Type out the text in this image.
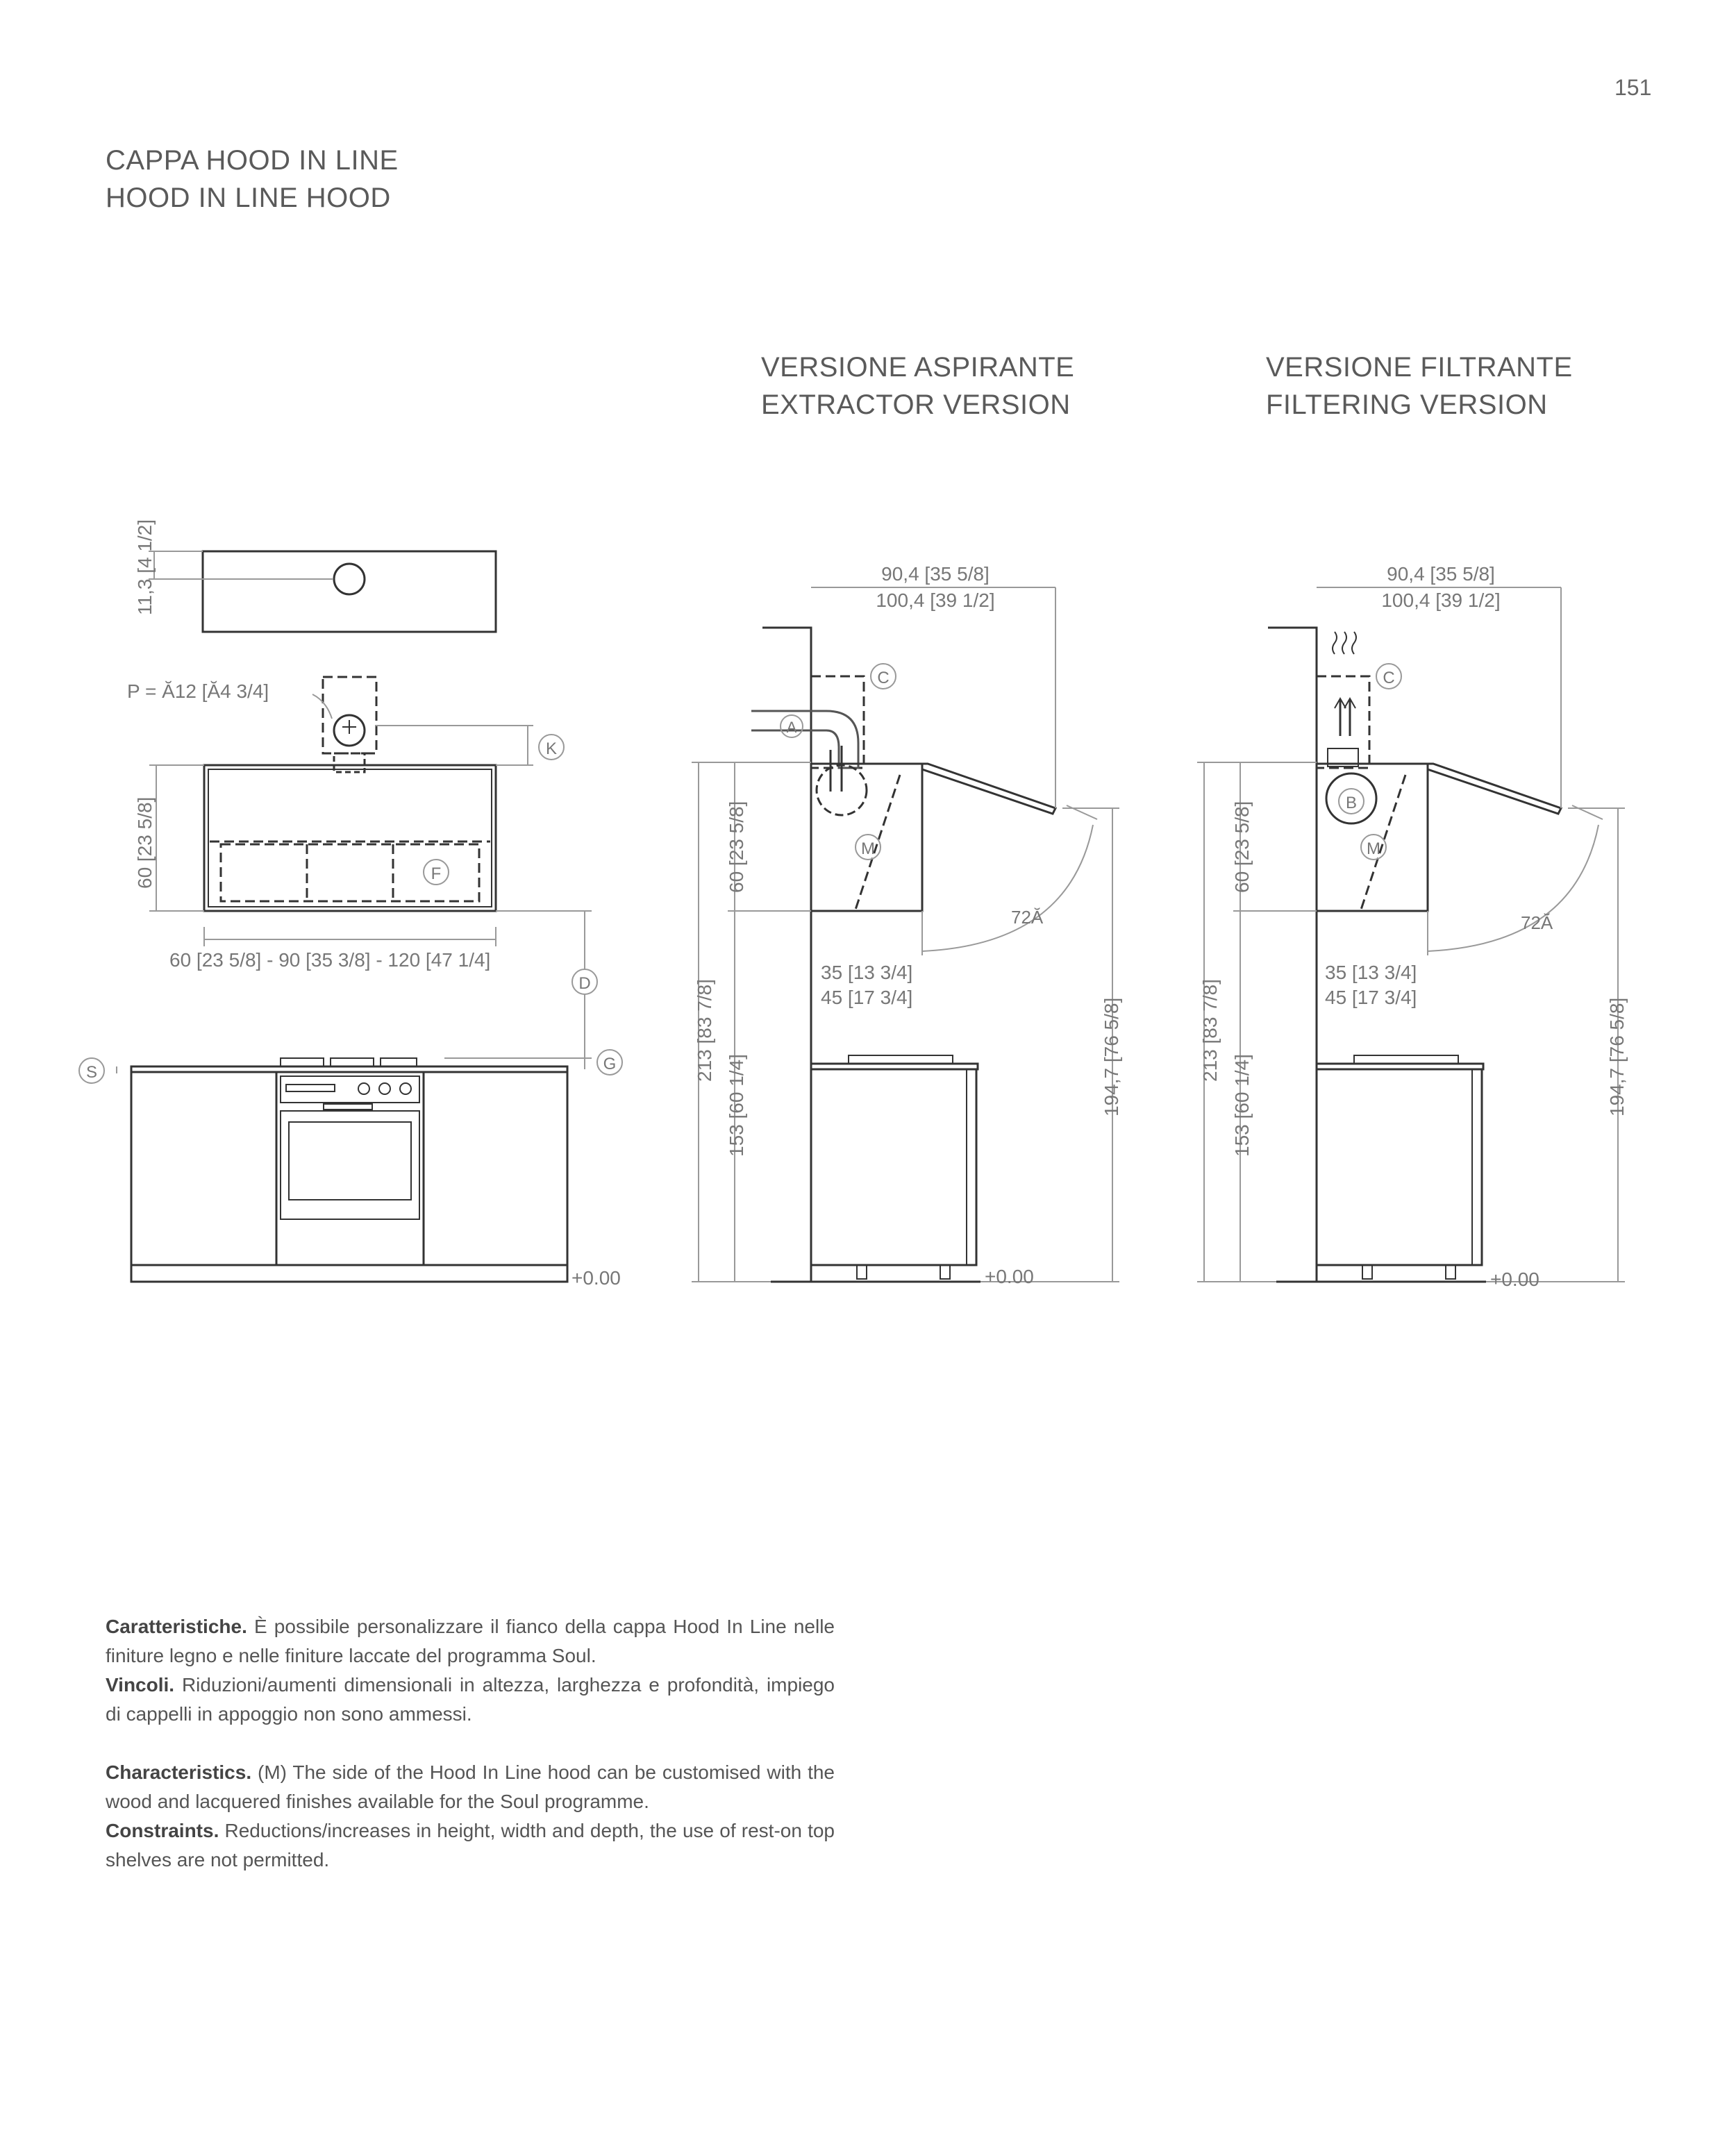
151
CAPPA HOOD IN LINE
HOOD IN LINE HOOD
VERSIONE ASPIRANTE
EXTRACTOR VERSION
VERSIONE FILTRANTE
FILTERING VERSION
11,3 [4 1/2]
P = Ă12 [Ă4 3/4]
60 [23 5/8]
60 [23 5/8] - 90 [35 3/8] - 120 [47 1/4]
+0.00
K
F
D
S	G
A
C
M
90,4 [35 5/8]
100,4 [39 1/2]
213 [83 7/8]
60 [23 5/8]
153 [60 1/4]	194,7 [76 5/8]
35 [13 3/4]
45 [17 3/4]
72Ă
+0.00
B
C
M
90,4 [35 5/8]
100,4 [39 1/2]
213 [83 7/8]
60 [23 5/8]
153 [60 1/4]	194,7 [76 5/8]
35 [13 3/4]
45 [17 3/4]
72Ă
+0.00

Caratteristiche. È possibile personalizzare il fianco della cappa Hood In Line nelle finiture legno e nelle finiture laccate del programma Soul.

Vincoli. Riduzioni/aumenti dimensionali in altezza, larghezza e profondità, impiego di cappelli in appoggio non sono ammessi.

Characteristics. (M) The side of the Hood In Line hood can be customised with the wood and lacquered finishes available for the Soul programme.

Constraints. Reductions/increases in height, width and depth, the use of rest-on top shelves are not permitted.
